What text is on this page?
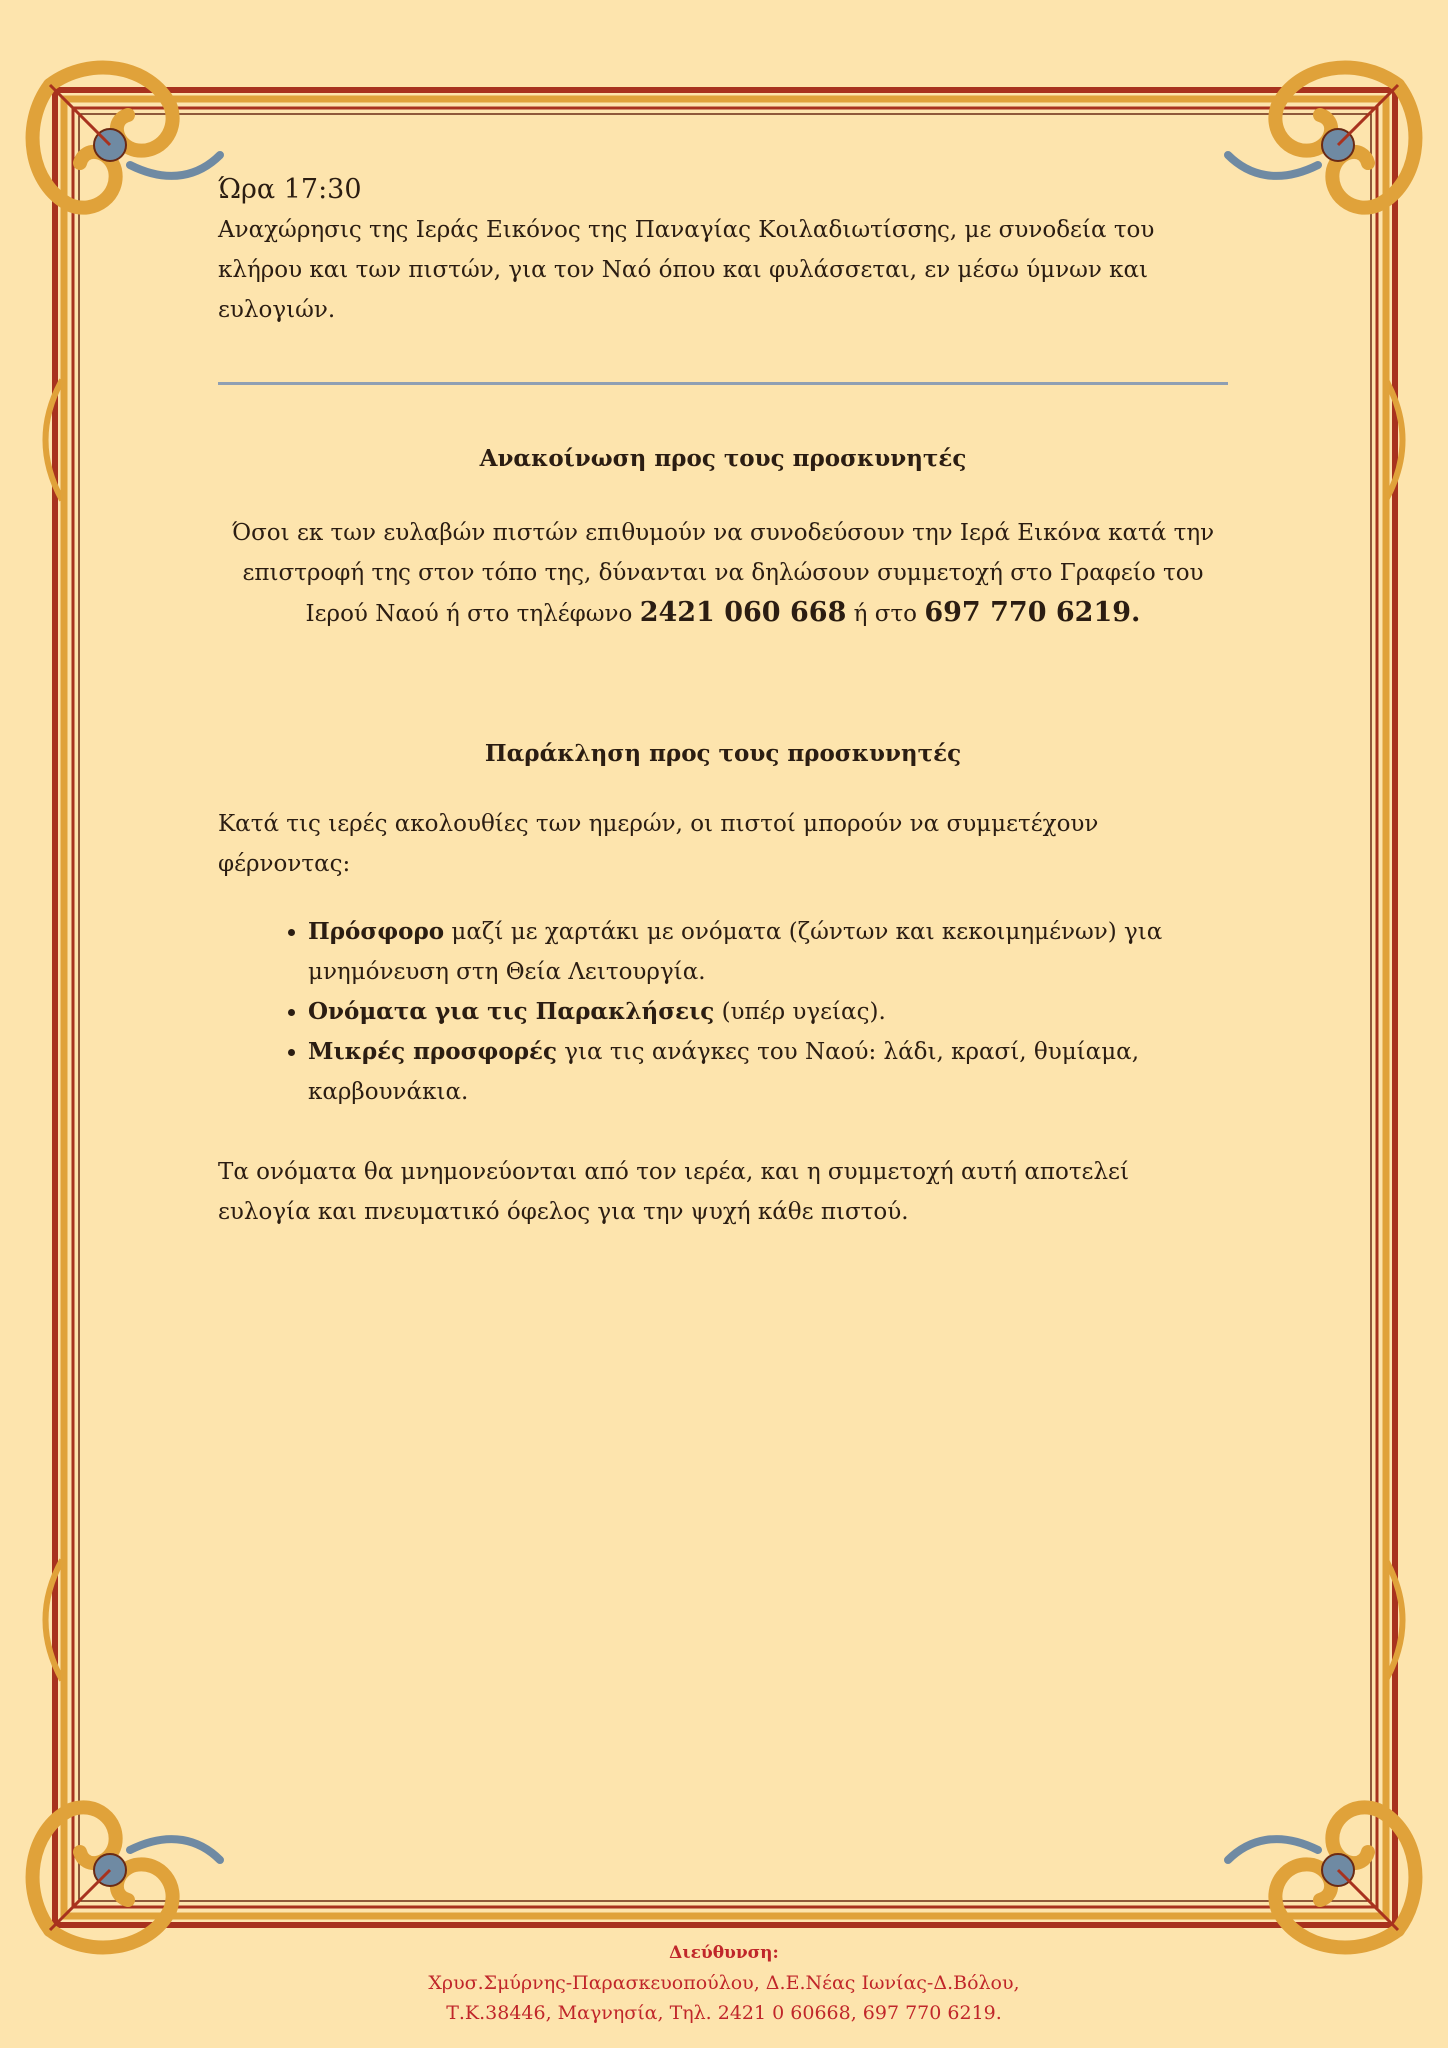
Ώρα 17:30

Αναχώρησις της Ιεράς Εικόνος της Παναγίας Κοιλαδιωτίσσης, με συνοδεία του κλήρου και των πιστών, για τον Ναό όπου και φυλάσσεται, εν μέσω ύμνων και ευλογιών.

Ανακοίνωση προς τους προσκυνητές

Όσοι εκ των ευλαβών πιστών επιθυμούν να συνοδεύσουν την Ιερά Εικόνα κατά την επιστροφή της στον τόπο της, δύνανται να δηλώσουν συμμετοχή στο Γραφείο του Ιερού Ναού ή στο τηλέφωνο 2421 060 668 ή στο 697 770 6219.

Παράκληση προς τους προσκυνητές

Κατά τις ιερές ακολουθίες των ημερών, οι πιστοί μπορούν να συμμετέχουν φέρνοντας:

• Πρόσφορο μαζί με χαρτάκι με ονόματα (ζώντων και κεκοιμημένων) για μνημόνευση στη Θεία Λειτουργία.
• Ονόματα για τις Παρακλήσεις (υπέρ υγείας).
• Μικρές προσφορές για τις ανάγκες του Ναού: λάδι, κρασί, θυμίαμα, καρβουνάκια.

Τα ονόματα θα μνημονεύονται από τον ιερέα, και η συμμετοχή αυτή αποτελεί ευλογία και πνευματικό όφελος για την ψυχή κάθε πιστού.

Διεύθυνση:
Χρυσ.Σμύρνης-Παρασκευοπούλου, Δ.Ε.Νέας Ιωνίας-Δ.Βόλου,
Τ.Κ.38446, Μαγνησία, Τηλ. 2421 0 60668, 697 770 6219.
